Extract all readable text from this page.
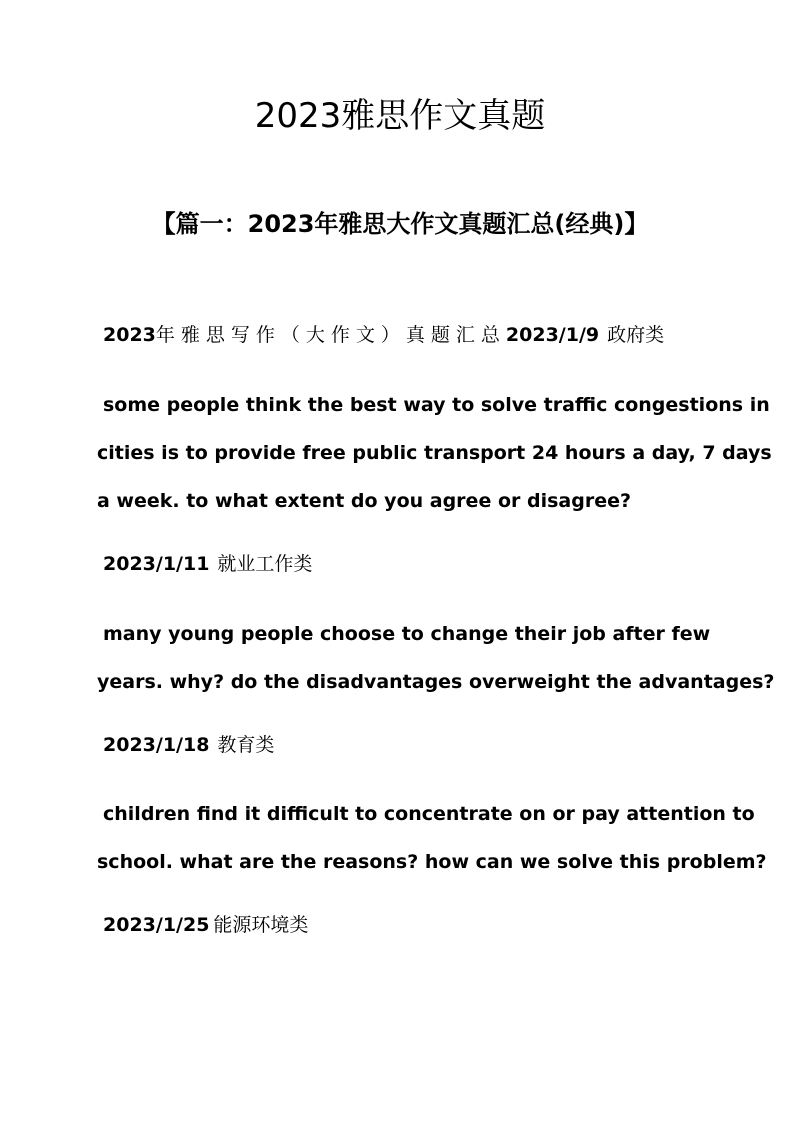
2023雅思作文真题
【篇一：2023年雅思大作文真题汇总(经典)】

2023年雅思写作（大作文）真题汇总2023/1/9 政府类

some people think the best way to solve traffic congestions in

cities is to provide free public transport 24 hours a day, 7 days

a week. to what extent do you agree or disagree?

2023/1/11 就业工作类

many young people choose to change their job after few

years. why? do the disadvantages overweight the advantages?

2023/1/18 教育类

children find it difficult to concentrate on or pay attention to

school. what are the reasons? how can we solve this problem?

2023/1/25 能源环境类
